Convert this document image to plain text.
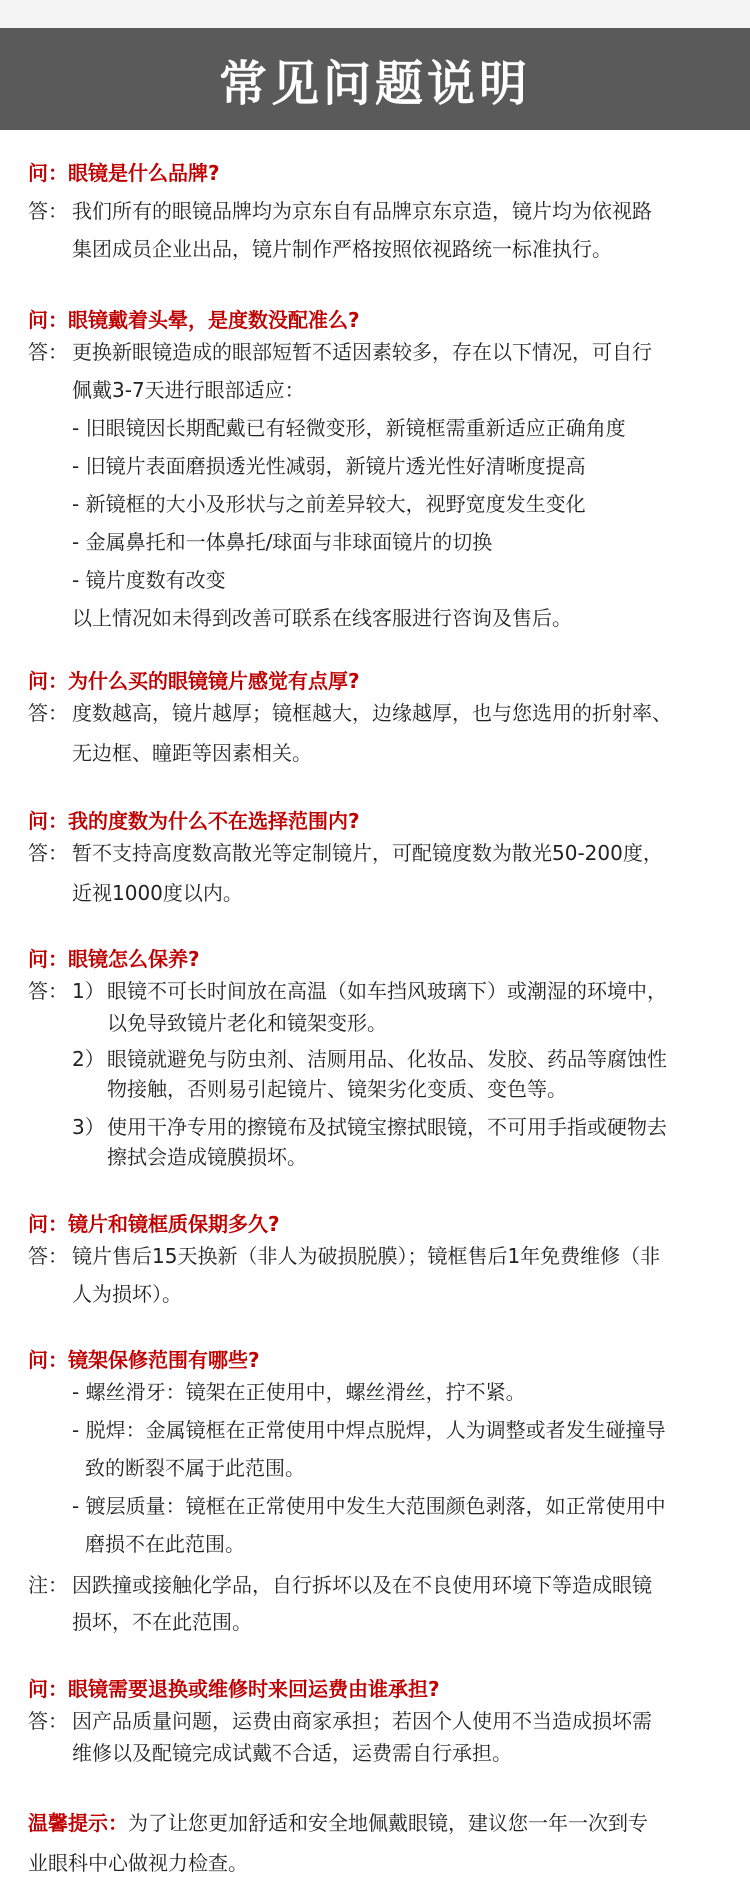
常见问题说明
问：眼镜是什么品牌?
答： 我们所有的眼镜品牌均为京东自有品牌京东京造，镜片均为依视路
集团成员企业出品，镜片制作严格按照依视路统一标准执行。
问：眼镜戴着头晕，是度数没配准么?
答： 更换新眼镜造成的眼部短暂不适因素较多，存在以下情况，可自行
佩戴3-7天进行眼部适应：
- 旧眼镜因长期配戴已有轻微变形，新镜框需重新适应正确角度
- 旧镜片表面磨损透光性减弱，新镜片透光性好清晰度提高
- 新镜框的大小及形状与之前差异较大，视野宽度发生变化
- 金属鼻托和一体鼻托/球面与非球面镜片的切换
- 镜片度数有改变
以上情况如未得到改善可联系在线客服进行咨询及售后。
问：为什么买的眼镜镜片感觉有点厚?
答： 度数越高，镜片越厚；镜框越大，边缘越厚，也与您选用的折射率、
无边框、瞳距等因素相关。
问：我的度数为什么不在选择范围内?
答： 暂不支持高度数高散光等定制镜片，可配镜度数为散光50-200度，
近视1000度以内。
问：眼镜怎么保养?
答： 1） 眼镜不可长时间放在高温（如车挡风玻璃下）或潮湿的环境中，
以免导致镜片老化和镜架变形。
2） 眼镜就避免与防虫剂、洁厕用品、化妆品、发胶、药品等腐蚀性
物接触，否则易引起镜片、镜架劣化变质、变色等。
3） 使用干净专用的擦镜布及拭镜宝擦拭眼镜，不可用手指或硬物去
擦拭会造成镜膜损坏。
问：镜片和镜框质保期多久?
答： 镜片售后15天换新（非人为破损脱膜）；镜框售后1年免费维修（非
人为损坏）。
问：镜架保修范围有哪些?
- 螺丝滑牙：镜架在正使用中，螺丝滑丝，拧不紧。
- 脱焊：金属镜框在正常使用中焊点脱焊，人为调整或者发生碰撞导
致的断裂不属于此范围。
- 镀层质量：镜框在正常使用中发生大范围颜色剥落，如正常使用中
磨损不在此范围。
注： 因跌撞或接触化学品，自行拆坏以及在不良使用环境下等造成眼镜
损坏，不在此范围。
问：眼镜需要退换或维修时来回运费由谁承担?
答： 因产品质量问题，运费由商家承担；若因个人使用不当造成损坏需
维修以及配镜完成试戴不合适，运费需自行承担。
温馨提示：为了让您更加舒适和安全地佩戴眼镜，建议您一年一次到专
业眼科中心做视力检查。
